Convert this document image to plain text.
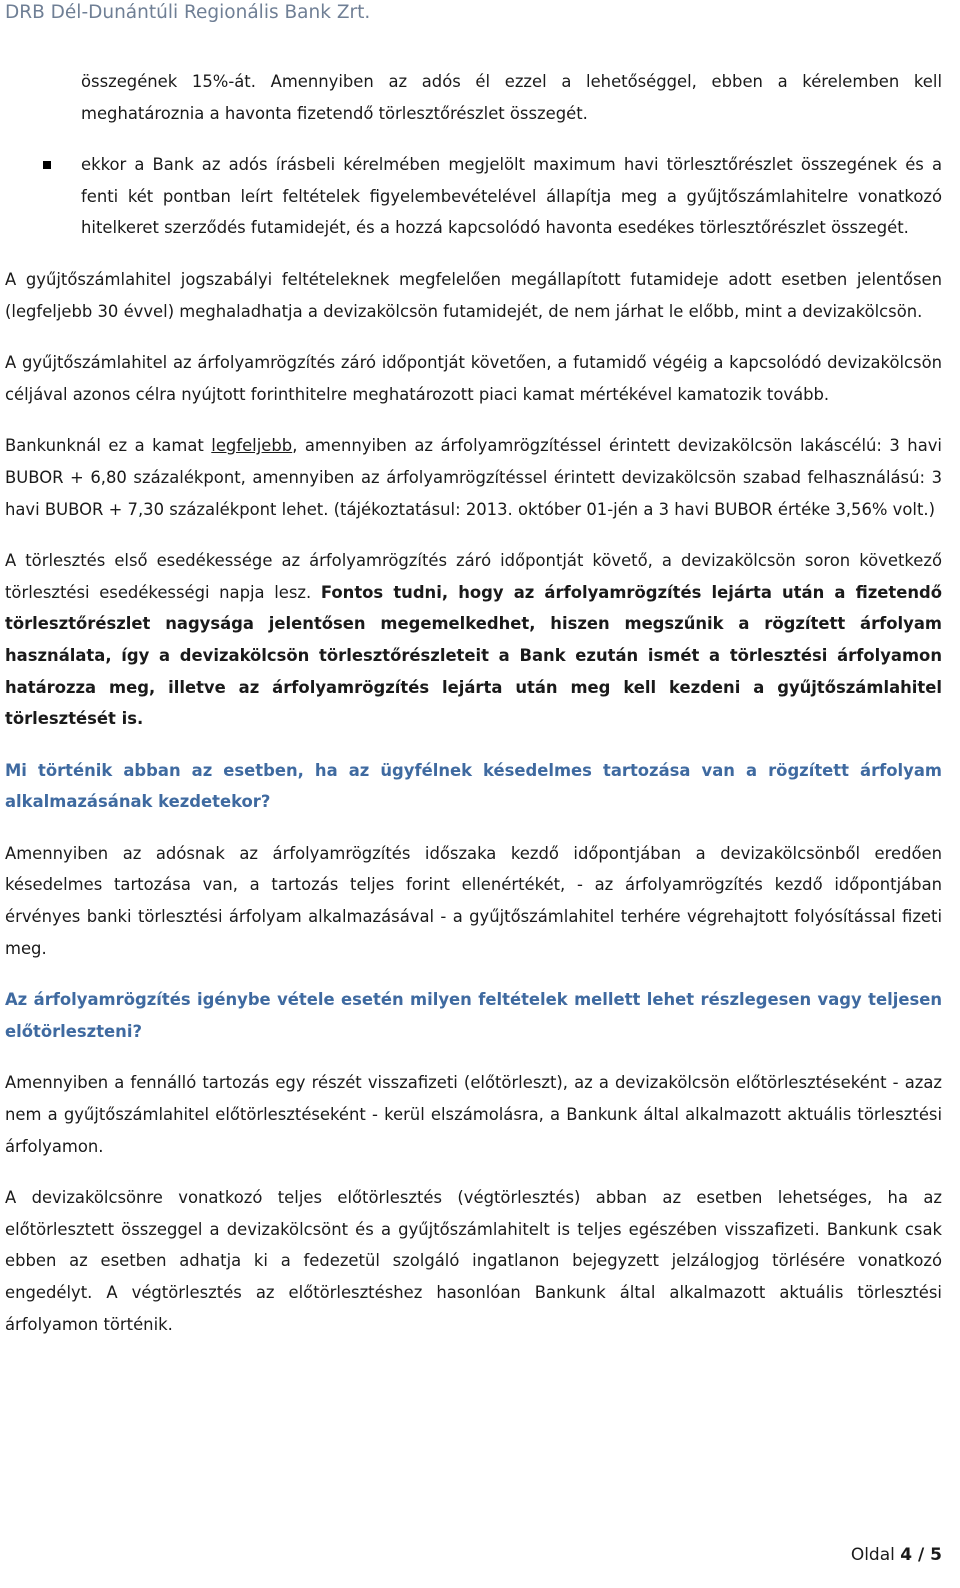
DRB Dél-Dunántúli Regionális Bank Zrt.

összegének 15%-át. Amennyiben az adós él ezzel a lehetőséggel, ebben a kérelemben kell meghatároznia a havonta fizetendő törlesztőrészlet összegét.

ekkor a Bank az adós írásbeli kérelmében megjelölt maximum havi törlesztőrészlet összegének és a fenti két pontban leírt feltételek figyelembevételével állapítja meg a gyűjtőszámlahitelre vonatkozó hitelkeret szerződés futamidejét, és a hozzá kapcsolódó havonta esedékes törlesztőrészlet összegét.

A gyűjtőszámlahitel jogszabályi feltételeknek megfelelően megállapított futamideje adott esetben jelentősen (legfeljebb 30 évvel) meghaladhatja a devizakölcsön futamidejét, de nem járhat le előbb, mint a devizakölcsön.

A gyűjtőszámlahitel az árfolyamrögzítés záró időpontját követően, a futamidő végéig a kapcsolódó devizakölcsön céljával azonos célra nyújtott forinthitelre meghatározott piaci kamat mértékével kamatozik tovább.

Bankunknál ez a kamat legfeljebb, amennyiben az árfolyamrögzítéssel érintett devizakölcsön lakáscélú: 3 havi BUBOR + 6,80 százalékpont, amennyiben az árfolyamrögzítéssel érintett devizakölcsön szabad felhasználású: 3 havi BUBOR + 7,30 százalékpont lehet. (tájékoztatásul: 2013. október 01-jén a 3 havi BUBOR értéke 3,56% volt.)

A törlesztés első esedékessége az árfolyamrögzítés záró időpontját követő, a devizakölcsön soron következő törlesztési esedékességi napja lesz. Fontos tudni, hogy az árfolyamrögzítés lejárta után a fizetendő törlesztőrészlet nagysága jelentősen megemelkedhet, hiszen megszűnik a rögzített árfolyam használata, így a devizakölcsön törlesztőrészleteit a Bank ezután ismét a törlesztési árfolyamon határozza meg, illetve az árfolyamrögzítés lejárta után meg kell kezdeni a gyűjtőszámlahitel törlesztését is.

Mi történik abban az esetben, ha az ügyfélnek késedelmes tartozása van a rögzített árfolyam alkalmazásának kezdetekor?

Amennyiben az adósnak az árfolyamrögzítés időszaka kezdő időpontjában a devizakölcsönből eredően késedelmes tartozása van, a tartozás teljes forint ellenértékét, - az árfolyamrögzítés kezdő időpontjában érvényes banki törlesztési árfolyam alkalmazásával - a gyűjtőszámlahitel terhére végrehajtott folyósítással fizeti meg.

Az árfolyamrögzítés igénybe vétele esetén milyen feltételek mellett lehet részlegesen vagy teljesen előtörleszteni?

Amennyiben a fennálló tartozás egy részét visszafizeti (előtörleszt), az a devizakölcsön előtörlesztéseként - azaz nem a gyűjtőszámlahitel előtörlesztéseként - kerül elszámolásra, a Bankunk által alkalmazott aktuális törlesztési árfolyamon.

A devizakölcsönre vonatkozó teljes előtörlesztés (végtörlesztés) abban az esetben lehetséges, ha az előtörlesztett összeggel a devizakölcsönt és a gyűjtőszámlahitelt is teljes egészében visszafizeti. Bankunk csak ebben az esetben adhatja ki a fedezetül szolgáló ingatlanon bejegyzett jelzálogjog törlésére vonatkozó engedélyt. A végtörlesztés az előtörlesztéshez hasonlóan Bankunk által alkalmazott aktuális törlesztési árfolyamon történik.

Oldal 4 / 5
